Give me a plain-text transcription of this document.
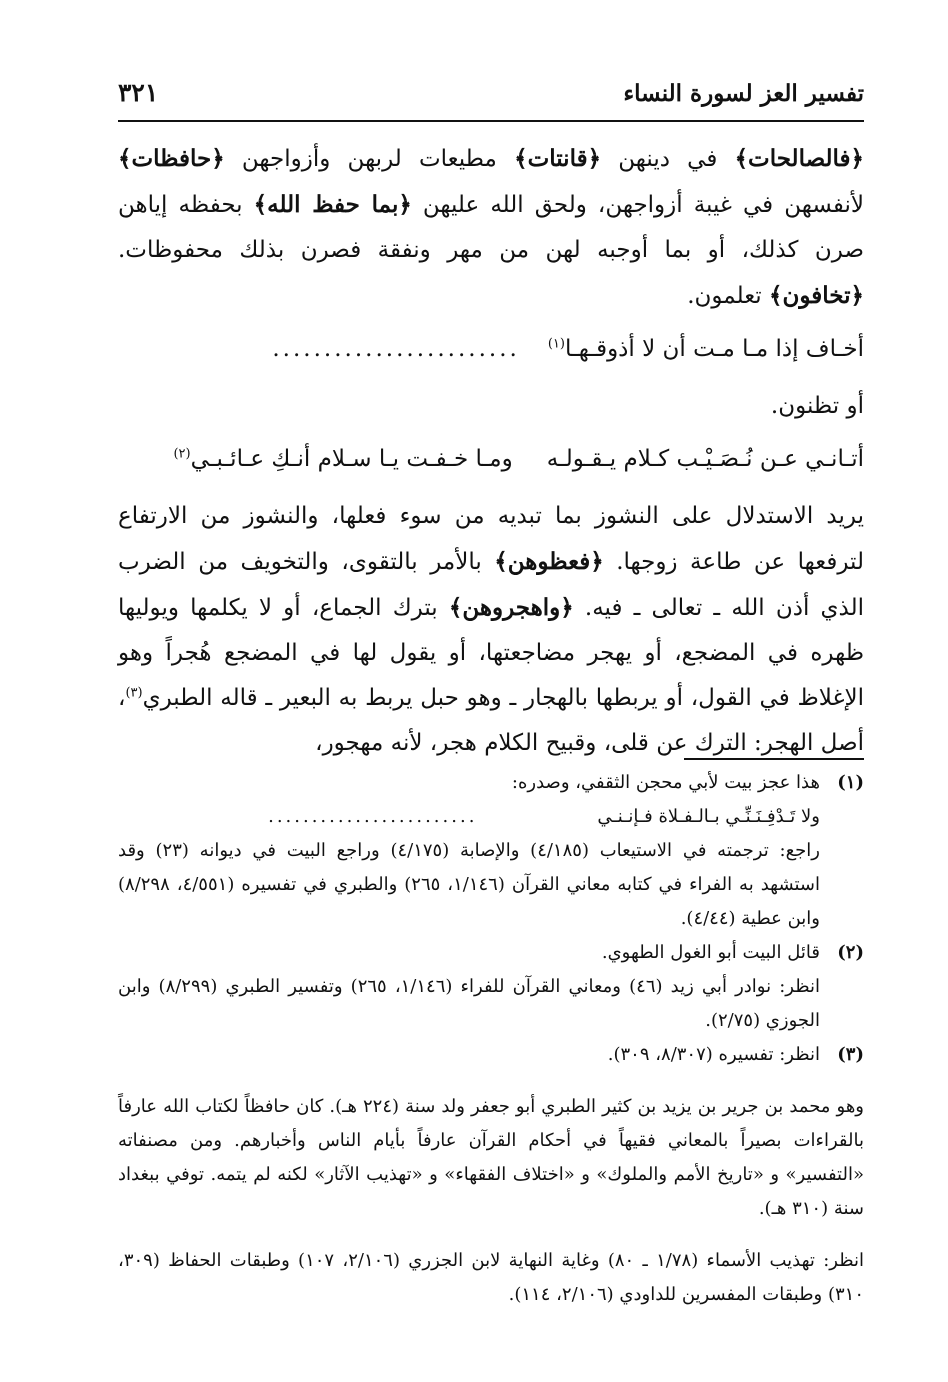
تفسير العز لسورة النساء
٣٢١

﴿فالصالحات﴾ في دينهن ﴿قانتات﴾ مطيعات لربهن وأزواجهن ﴿حافظات﴾ لأنفسهن في غيبة أزواجهن، ولحق الله عليهن ﴿بما حفظ الله﴾ بحفظه إياهن صرن كذلك، أو بما أوجبه لهن من مهر ونفقة فصرن بذلك محفوظات. ﴿تخافون﴾ تعلمون.

أخـاف إذا مـا مـت أن لا أذوقـهـا$^{(١)}$
........................

أو تظنون.

أتـانـي عـن نُـصَـيْـب كـلام يـقـولـه
ومـا خـفـت يـا سـلام أنـكِ عـائـبـي$^{(٢)}$

يريد الاستدلال على النشوز بما تبديه من سوء فعلها، والنشوز من الارتفاع لترفعها عن طاعة زوجها. ﴿فعظوهن﴾ بالأمر بالتقوى، والتخويف من الضرب الذي أذن الله ـ تعالى ـ فيه. ﴿واهجروهن﴾ بترك الجماع، أو لا يكلمها ويوليها ظهره في المضجع، أو يهجر مضاجعتها، أو يقول لها في المضجع هُجراً وهو الإغلاظ في القول، أو يربطها بالهجار ـ وهو حبل يربط به البعير ـ قاله الطبري$^{(٣)}$، أصل الهجر: الترك عن قلى، وقبيح الكلام هجر، لأنه مهجور،

(١)

هذا عجز بيت لأبي محجن الثقفي، وصدره:

ولا تَـدْفِـنَـنِّـي بـالـفـلاة فـإنـنـي
........................

راجع: ترجمته في الاستيعاب (٤/١٨٥) والإصابة (٤/١٧٥) وراجع البيت في ديوانه (٢٣) وقد استشهد به الفراء في كتابه معاني القرآن (١/١٤٦، ٢٦٥) والطبري في تفسيره (٤/٥٥١، ٨/٢٩٨) وابن عطية (٤/٤٤).

(٢)

قائل البيت أبو الغول الطهوي.

انظر: نوادر أبي زيد (٤٦) ومعاني القرآن للفراء (١/١٤٦، ٢٦٥) وتفسير الطبري (٨/٢٩٩) وابن الجوزي (٢/٧٥).

(٣)

انظر: تفسيره (٨/٣٠٧، ٣٠٩).

وهو محمد بن جرير بن يزيد بن كثير الطبري أبو جعفر ولد سنة (٢٢٤ هـ). كان حافظاً لكتاب الله عارفاً بالقراءات بصيراً بالمعاني فقيهاً في أحكام القرآن عارفاً بأيام الناس وأخبارهم. ومن مصنفاته «التفسير» و «تاريخ الأمم والملوك» و «اختلاف الفقهاء» و «تهذيب الآثار» لكنه لم يتمه. توفي ببغداد سنة (٣١٠ هـ).

انظر: تهذيب الأسماء (١/٧٨ ـ ٨٠) وغاية النهاية لابن الجزري (٢/١٠٦، ١٠٧) وطبقات الحفاظ (٣٠٩، ٣١٠) وطبقات المفسرين للداودي (٢/١٠٦، ١١٤).
